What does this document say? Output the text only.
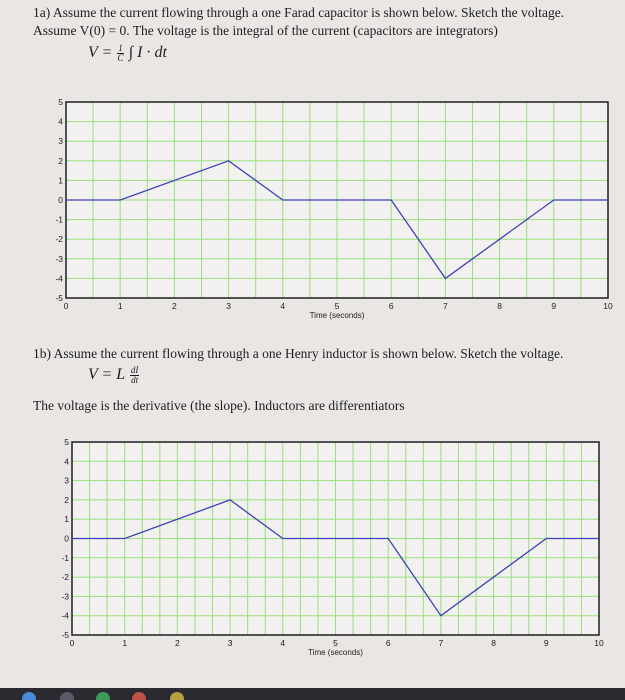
1a) Assume the current flowing through a one Farad capacitor is shown below. Sketch the voltage.
Assume V(0) = 0. The voltage is the integral of the current (capacitors are integrators)
$V = \frac{1}{C}$ ∫ I · dt
5
4
3
2
1
0
-1
-2
-3
-4
-5
0	1	2	3	4	5	6	7	8	9	10
Time (seconds)
1b) Assume the current flowing through a one Henry inductor is shown below. Sketch the voltage.
V = L $\frac{dI}{dt}$
The voltage is the derivative (the slope). Inductors are differentiators
5
4
3
2
1
0
-1
-2
-3
-4
-5
0	1	2	3	4	5	6	7	8	9	10
Time (seconds)
